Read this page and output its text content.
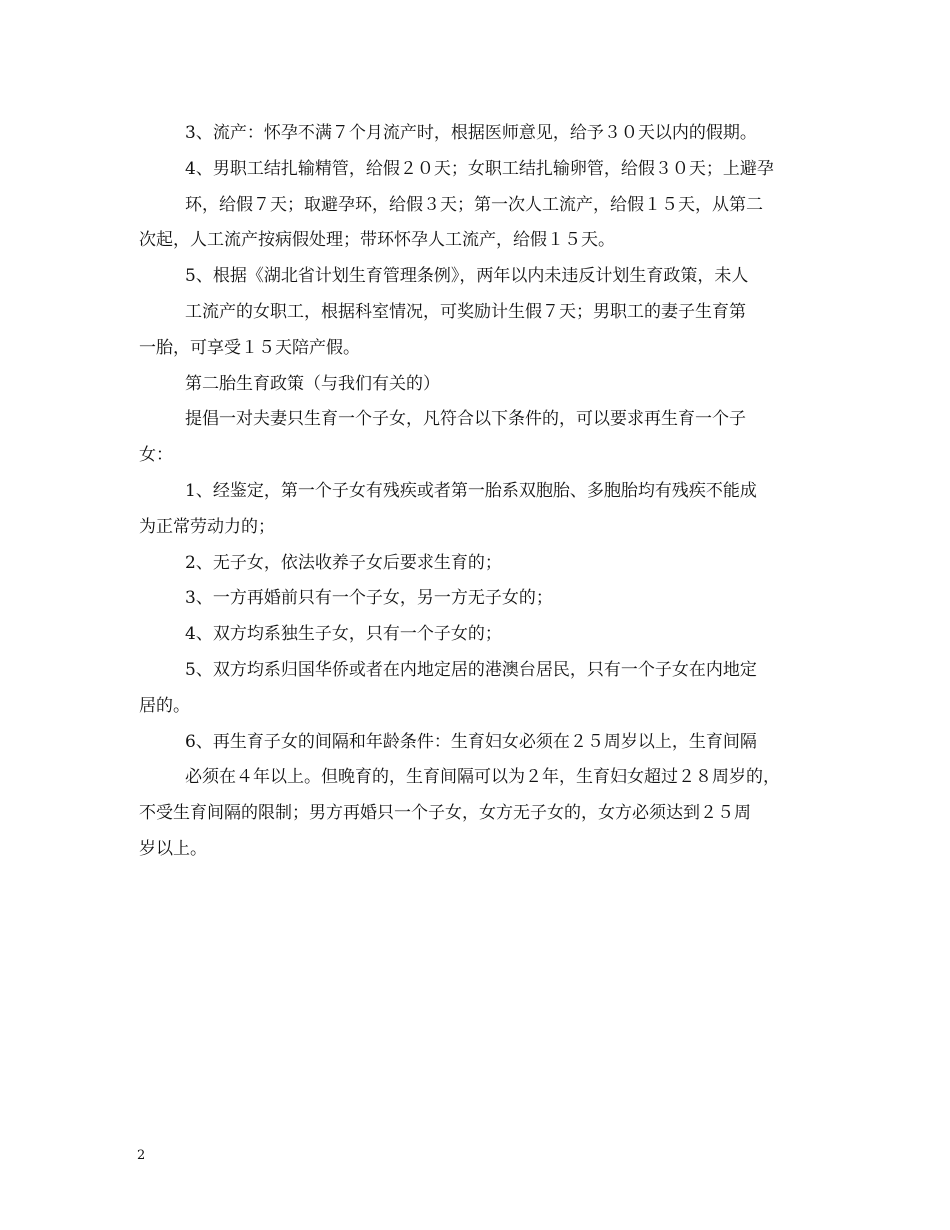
3、流产：怀孕不满７个月流产时，根据医师意见，给予３０天以内的假期。
4、男职工结扎输精管，给假２０天；女职工结扎输卵管，给假３０天；上避孕
环，给假７天；取避孕环，给假３天；第一次人工流产，给假１５天，从第二
次起，人工流产按病假处理；带环怀孕人工流产，给假１５天。
5、根据《湖北省计划生育管理条例》，两年以内未违反计划生育政策，未人
工流产的女职工，根据科室情况，可奖励计生假７天；男职工的妻子生育第
一胎，可享受１５天陪产假。
第二胎生育政策（与我们有关的）
提倡一对夫妻只生育一个子女，凡符合以下条件的，可以要求再生育一个子
女：
1、经鉴定，第一个子女有残疾或者第一胎系双胞胎、多胞胎均有残疾不能成
为正常劳动力的；
2、无子女，依法收养子女后要求生育的；
3、一方再婚前只有一个子女，另一方无子女的；
4、双方均系独生子女，只有一个子女的；
5、双方均系归国华侨或者在内地定居的港澳台居民，只有一个子女在内地定
居的。
6、再生育子女的间隔和年龄条件：生育妇女必须在２５周岁以上，生育间隔
必须在４年以上。但晚育的，生育间隔可以为２年，生育妇女超过２８周岁的，
不受生育间隔的限制；男方再婚只一个子女，女方无子女的，女方必须达到２５周
岁以上。
2
